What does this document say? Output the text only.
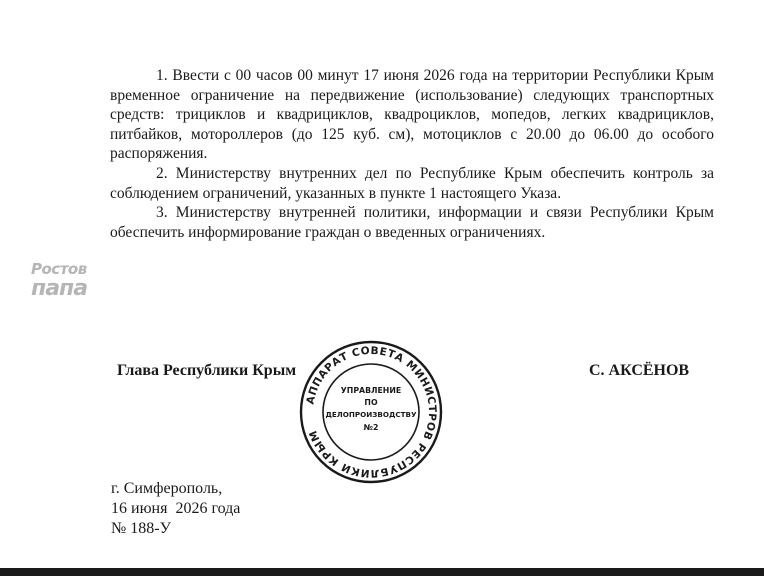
1. Ввести с 00 часов 00 минут 17 июня 2026 года на территории Республики Крым временное ограничение на передвижение (использование) следующих транспортных средств: трициклов и квадрициклов, квадроциклов, мопедов, легких квадрициклов, питбайков, мотороллеров (до 125 куб. см), мотоциклов с 20.00 до 06.00 до особого распоряжения.

2. Министерству внутренних дел по Республике Крым обеспечить контроль за соблюдением ограничений, указанных в пункте 1 настоящего Указа.

3. Министерству внутренней политики, информации и связи Республики Крым обеспечить информирование граждан о введенных ограничениях.

Ростов
папа
Глава Республики Крым	С. АКСЁНОВ
АППАРАТ СОВЕТА МИНИСТРОВ РЕСПУБЛИКИ КРЫМ
УПРАВЛЕНИЕ
ПО
ДЕЛОПРОИЗВОДСТВУ
№2
г. Симферополь,
16 июня  2026 года
№ 188-У
